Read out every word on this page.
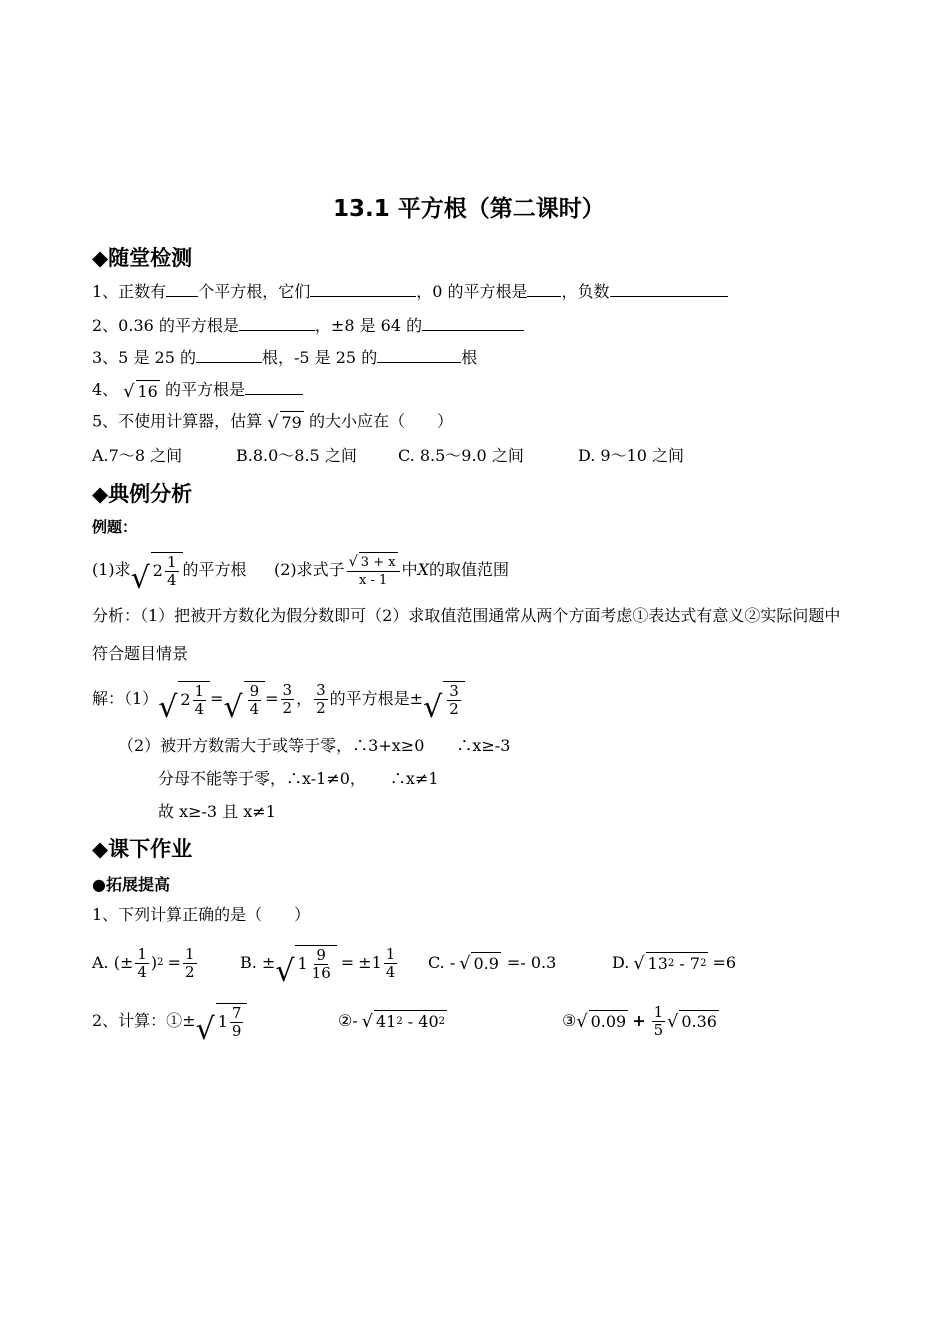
13.1 平方根（第二课时）
◆随堂检测
1、正数有 个平方根，它们	，0 的平方根是 ，负数
2、0.36 的平方根是	，±8 是 64 的
3、5 是 25 的	根，-5 是 25 的	根
4、 √ 16 的平方根是
5、不使用计算器，估算 √ 79 的大小应在（　　）
A.7～8 之间	B.8.0～8.5 之间	C. 8.5～9.0 之间	D. 9～10 之间
◆典例分析
例题：
(1)求 √ $2 \frac{1}{4}$ 的平方根 (2)求式子 $\frac{√ 3 + x}{x - 1}$ 中 X 的取值范围
分析：（1）把被开方数化为假分数即可（2）求取值范围通常从两个方面考虑①表达式有意义②实际问题中
符合题目情景
解：（1） √ $2 \frac{1}{4}$ = √ $\frac{9}{4} = \frac{3}{2}$ ， $\frac{3}{2}$ 的平方根是 ± √ $\frac{3}{2}$
（2）被开方数需大于或等于零，∴3+x≥0　　∴x≥-3
分母不能等于零，∴x-1≠0，　　∴x≠1
故 x≥-3 且 x≠1
◆课下作业
●拓展提高
1、下列计算正确的是（　　）
A. ( ± $\frac{1}{4}$ ) $2 = \frac{1}{2}$	B. ± √ $1 \frac{9}{16} = \pm 1 \frac{1}{4} C$. - √ 0.9 =- 0.3	D. √ 13 2 - 7 2 =6
2、计算：① ± √ $1 \frac{7}{9}$	②- √ 41 2 - 40 2	③ √ $0.09 + \frac{1}{5}$ √ 0.36
